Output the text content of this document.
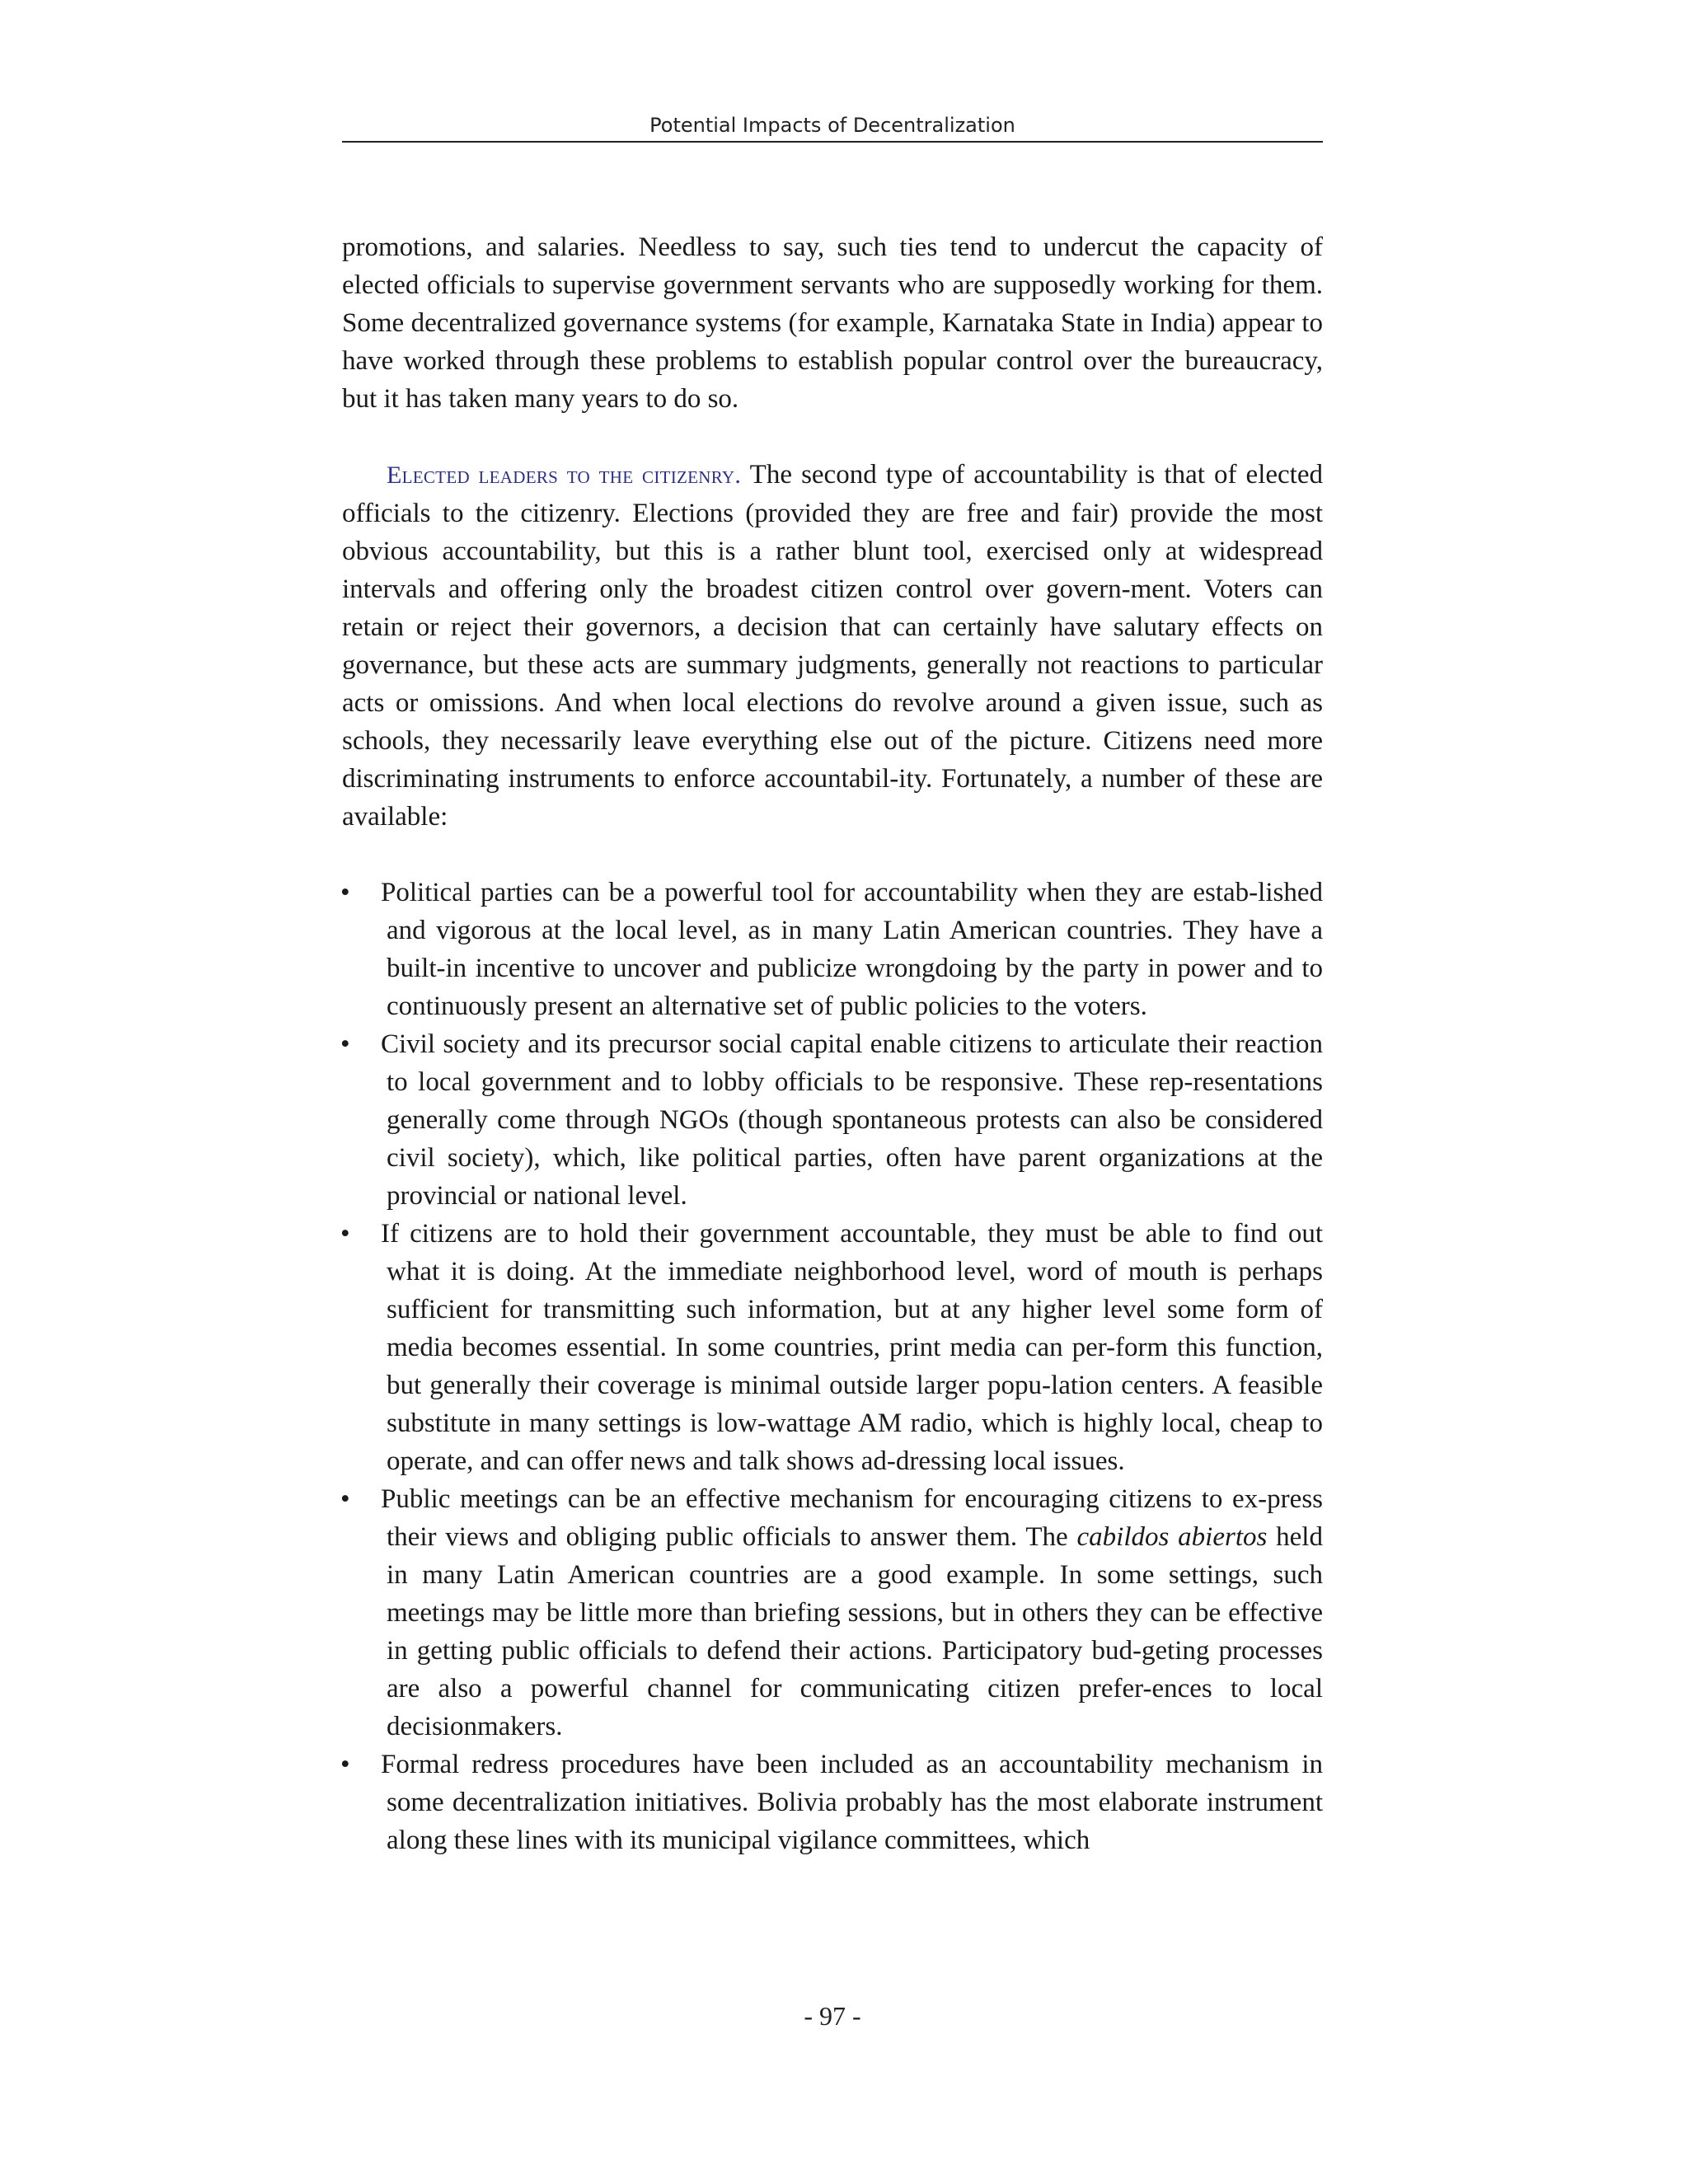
Potential Impacts of Decentralization

promotions, and salaries. Needless to say, such ties tend to undercut the capacity of elected officials to supervise government servants who are supposedly working for them. Some decentralized governance systems (for example, Karnataka State in India) appear to have worked through these problems to establish popular control over the bureaucracy, but it has taken many years to do so.

Elected leaders to the citizenry. The second type of accountability is that of elected officials to the citizenry. Elections (provided they are free and fair) provide the most obvious accountability, but this is a rather blunt tool, exercised only at widespread intervals and offering only the broadest citizen control over govern-ment. Voters can retain or reject their governors, a decision that can certainly have salutary effects on governance, but these acts are summary judgments, generally not reactions to particular acts or omissions. And when local elections do revolve around a given issue, such as schools, they necessarily leave everything else out of the picture. Citizens need more discriminating instruments to enforce accountabil-ity. Fortunately, a number of these are available:

• Political parties can be a powerful tool for accountability when they are estab-lished and vigorous at the local level, as in many Latin American countries. They have a built-in incentive to uncover and publicize wrongdoing by the party in power and to continuously present an alternative set of public policies to the voters.
• Civil society and its precursor social capital enable citizens to articulate their reaction to local government and to lobby officials to be responsive. These rep-resentations generally come through NGOs (though spontaneous protests can also be considered civil society), which, like political parties, often have parent organizations at the provincial or national level.
• If citizens are to hold their government accountable, they must be able to find out what it is doing. At the immediate neighborhood level, word of mouth is perhaps sufficient for transmitting such information, but at any higher level some form of media becomes essential. In some countries, print media can per-form this function, but generally their coverage is minimal outside larger popu-lation centers. A feasible substitute in many settings is low-wattage AM radio, which is highly local, cheap to operate, and can offer news and talk shows ad-dressing local issues.
• Public meetings can be an effective mechanism for encouraging citizens to ex-press their views and obliging public officials to answer them. The cabildos abiertos held in many Latin American countries are a good example. In some settings, such meetings may be little more than briefing sessions, but in others they can be effective in getting public officials to defend their actions. Participatory bud-geting processes are also a powerful channel for communicating citizen prefer-ences to local decisionmakers.
• Formal redress procedures have been included as an accountability mechanism in some decentralization initiatives. Bolivia probably has the most elaborate instrument along these lines with its municipal vigilance committees, which
- 97 -
